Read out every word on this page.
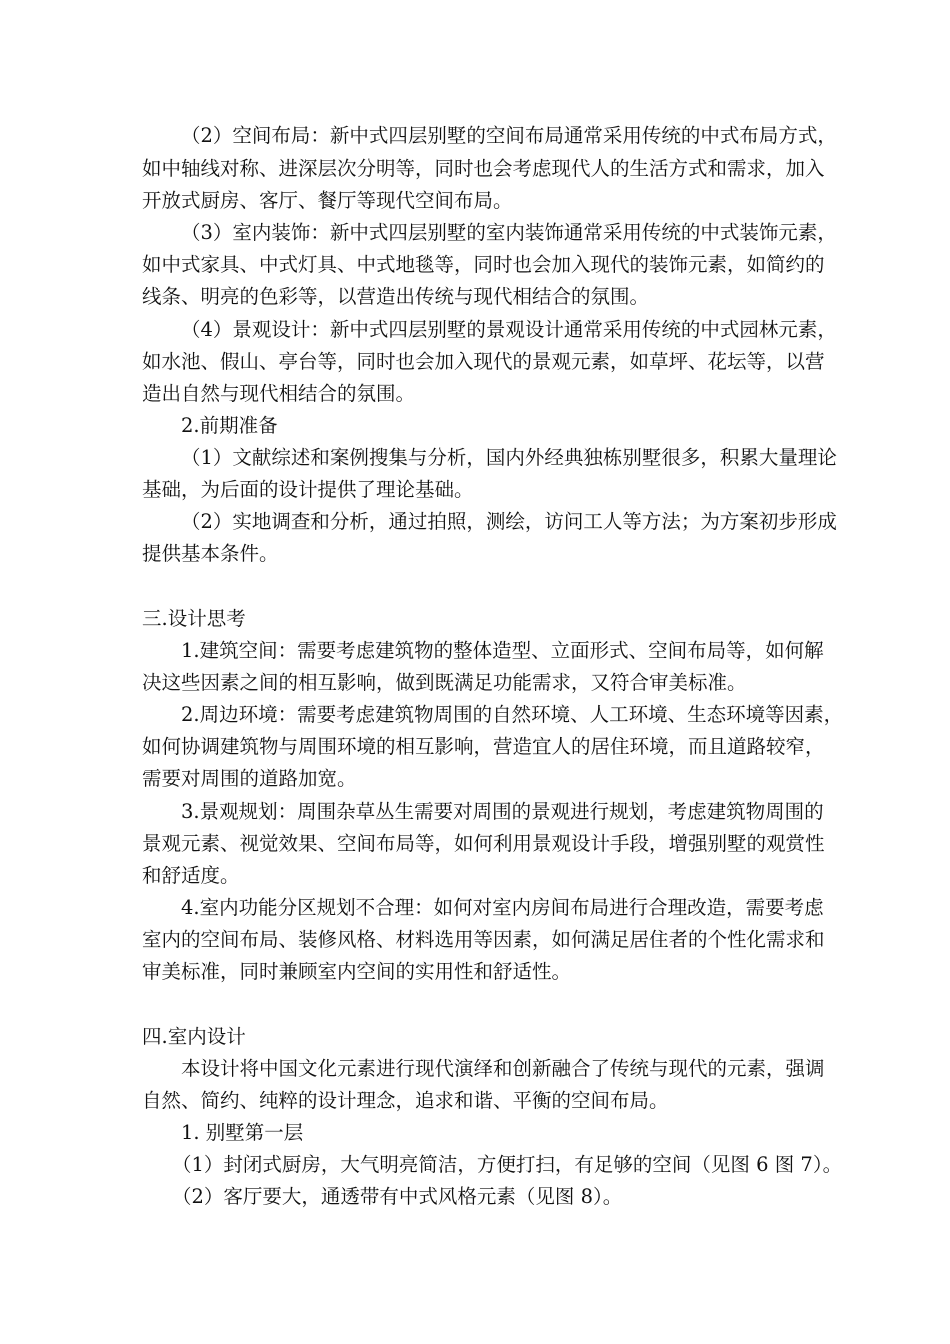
（2）空间布局：新中式四层别墅的空间布局通常采用传统的中式布局方式，
如中轴线对称、进深层次分明等，同时也会考虑现代人的生活方式和需求，加入
开放式厨房、客厅、餐厅等现代空间布局。
（3）室内装饰：新中式四层别墅的室内装饰通常采用传统的中式装饰元素，
如中式家具、中式灯具、中式地毯等，同时也会加入现代的装饰元素，如简约的
线条、明亮的色彩等，以营造出传统与现代相结合的氛围。
（4）景观设计：新中式四层别墅的景观设计通常采用传统的中式园林元素，
如水池、假山、亭台等，同时也会加入现代的景观元素，如草坪、花坛等，以营
造出自然与现代相结合的氛围。
2.前期准备
（1）文献综述和案例搜集与分析，国内外经典独栋别墅很多，积累大量理论
基础，为后面的设计提供了理论基础。
（2）实地调查和分析，通过拍照，测绘，访问工人等方法；为方案初步形成
提供基本条件。
三.设计思考
1.建筑空间：需要考虑建筑物的整体造型、立面形式、空间布局等，如何解
决这些因素之间的相互影响，做到既满足功能需求，又符合审美标准。
2.周边环境：需要考虑建筑物周围的自然环境、人工环境、生态环境等因素，
如何协调建筑物与周围环境的相互影响，营造宜人的居住环境，而且道路较窄，
需要对周围的道路加宽。
3.景观规划：周围杂草丛生需要对周围的景观进行规划，考虑建筑物周围的
景观元素、视觉效果、空间布局等，如何利用景观设计手段，增强别墅的观赏性
和舒适度。
4.室内功能分区规划不合理：如何对室内房间布局进行合理改造，需要考虑
室内的空间布局、装修风格、材料选用等因素，如何满足居住者的个性化需求和
审美标准，同时兼顾室内空间的实用性和舒适性。
四.室内设计
本设计将中国文化元素进行现代演绎和创新融合了传统与现代的元素，强调
自然、简约、纯粹的设计理念，追求和谐、平衡的空间布局。
1. 别墅第一层
（1）封闭式厨房，大气明亮简洁，方便打扫，有足够的空间（见图 6 图 7）。
（2）客厅要大，通透带有中式风格元素（见图 8）。
